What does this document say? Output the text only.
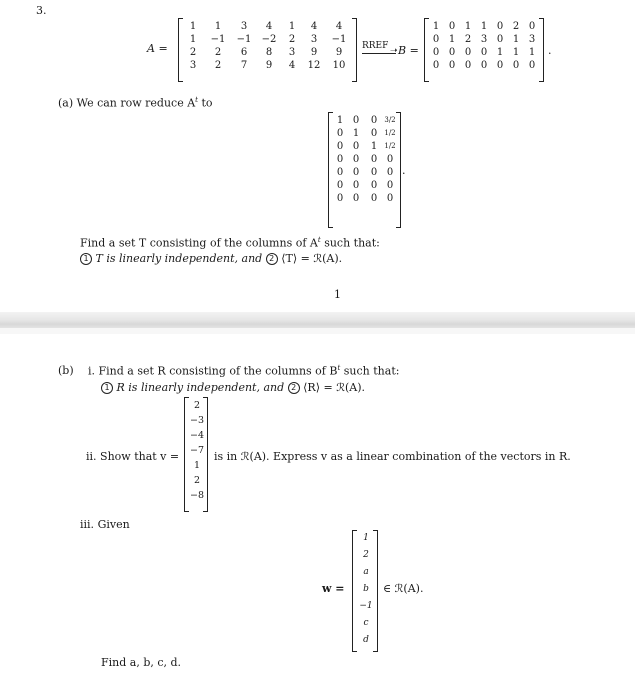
3.
A =
1	1	3	4	1	4	4
1	−1	−1	−2	2	3	−1
2	2	6	8	3	9	9
3	2	7	9	4	12	10
RREF ➝ B =
1	0	1	1	0	2	0
0	1	2	3	0	1	3
0	0	0	0	1	1	1
0	0	0	0	0	0	0
.
(a) We can row reduce $A^t$ to
1	0	0	3/2
0	1	0	1/2
0	0	1	1/2
0	0	0	0
0	0	0	0
0	0	0	0
0	0	0	0
.
Find a set T consisting of the columns of $A^t$ such that:
1 T is linearly independent, and 2 ⟨T⟩ = ℛ(A).
1
(b) i. Find a set R consisting of the columns of $B^t$ such that:
1 R is linearly independent, and 2 ⟨R⟩ = ℛ(A).
ii. Show that v =
2
−3
−4
−7
1
2
−8
is in ℛ(A). Express v as a linear combination of the vectors in R.
iii. Given
w =
1
2
a
b
−1
c
d
∈ ℛ(A).
Find a, b, c, d.
